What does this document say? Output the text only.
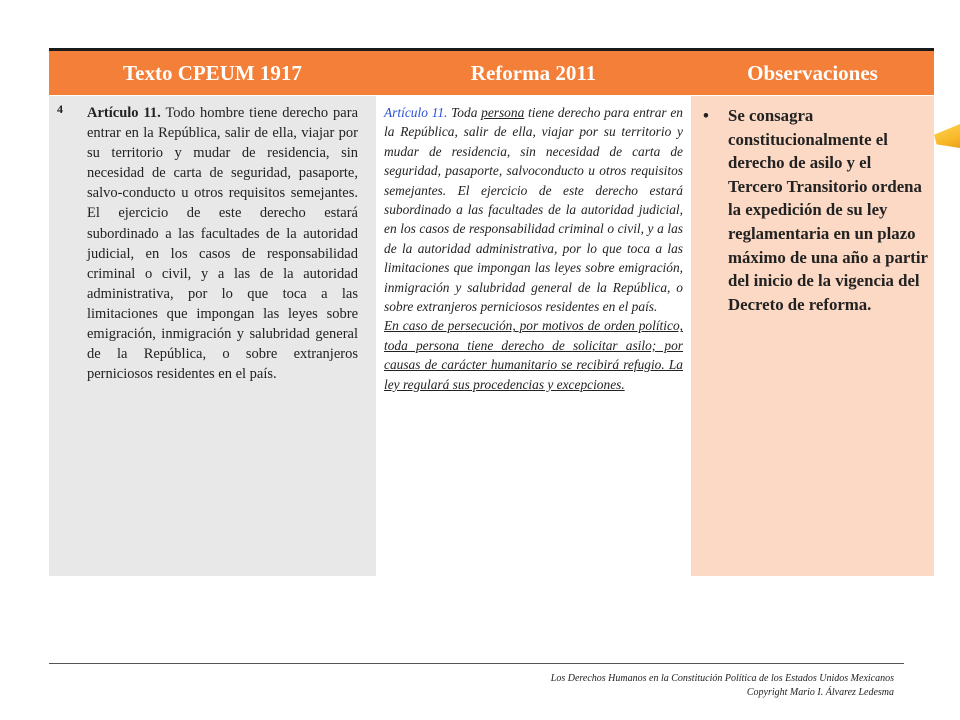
Texto CPEUM 1917	Reforma 2011	Observaciones
4 Artículo 11. Todo hombre tiene derecho para entrar en la República, salir de ella, viajar por su territorio y mudar de residencia, sin necesidad de carta de seguridad, pasaporte, salvo-conducto u otros requisitos semejantes. El ejercicio de este derecho estará subordinado a las facultades de la autoridad judicial, en los casos de responsabilidad criminal o civil, y a las de la autoridad administrativa, por lo que toca a las limitaciones que impongan las leyes sobre emigración, inmigración y salubridad general de la República, o sobre extranjeros perniciosos residentes en el país.
Artículo 11. Toda persona tiene derecho para entrar en la República, salir de ella, viajar por su territorio y mudar de residencia, sin necesidad de carta de seguridad, pasaporte, salvoconducto u otros requisitos semejantes. El ejercicio de este derecho estará subordinado a las facultades de la autoridad judicial, en los casos de responsabilidad criminal o civil, y a las de la autoridad administrativa, por lo que toca a las limitaciones que impongan las leyes sobre emigración, inmigración y salubridad general de la República, o sobre extranjeros perniciosos residentes en el país.
En caso de persecución, por motivos de orden político, toda persona tiene derecho de solicitar asilo; por causas de carácter humanitario se recibirá refugio. La ley regulará sus procedencias y excepciones.
• Se consagra constitucionalmente el derecho de asilo y el Tercero Transitorio ordena la expedición de su ley reglamentaria en un plazo máximo de una año a partir del inicio de la vigencia del Decreto de reforma.
Los Derechos Humanos en la Constitución Política de los Estados Unidos Mexicanos
Copyright Mario I. Álvarez Ledesma
